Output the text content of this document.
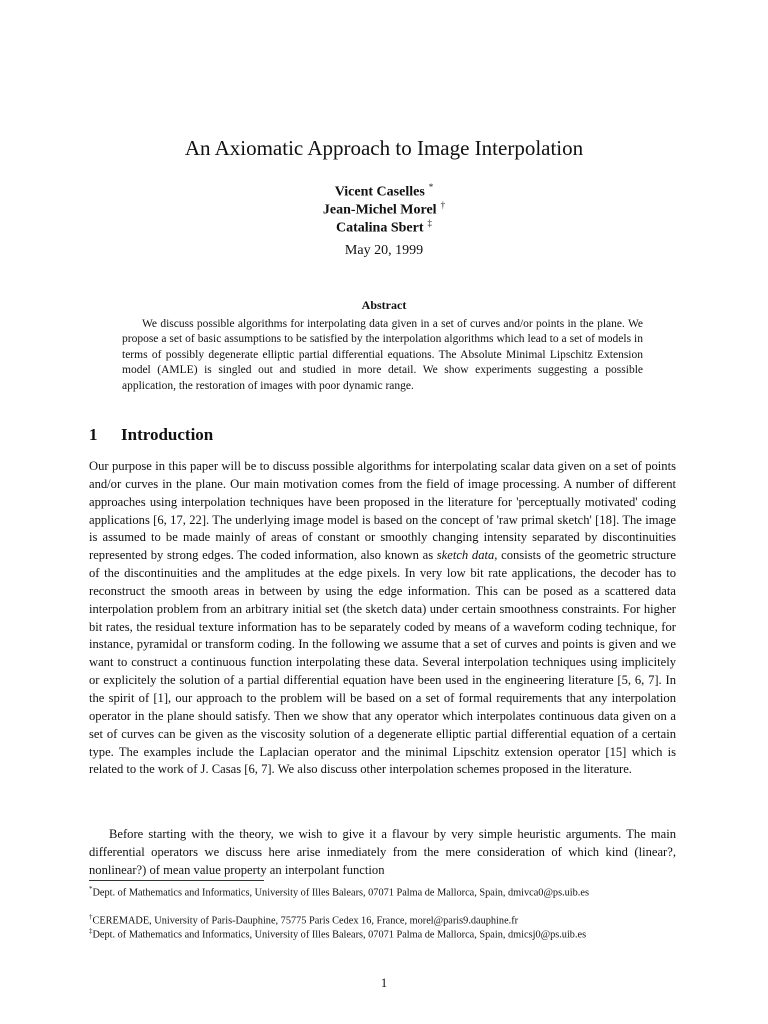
An Axiomatic Approach to Image Interpolation
Vicent Caselles *
Jean-Michel Morel †
Catalina Sbert ‡
May 20, 1999
Abstract
We discuss possible algorithms for interpolating data given in a set of curves and/or points in the plane. We propose a set of basic assumptions to be satisfied by the interpolation algorithms which lead to a set of models in terms of possibly degenerate elliptic partial differential equations. The Absolute Minimal Lipschitz Extension model (AMLE) is singled out and studied in more detail. We show experiments suggesting a possible application, the restoration of images with poor dynamic range.
1 Introduction
Our purpose in this paper will be to discuss possible algorithms for interpolating scalar data given on a set of points and/or curves in the plane. Our main motivation comes from the field of image processing. A number of different approaches using interpolation techniques have been proposed in the literature for 'perceptually motivated' coding applications [6, 17, 22]. The underlying image model is based on the concept of 'raw primal sketch' [18]. The image is assumed to be made mainly of areas of constant or smoothly changing intensity separated by discontinuities represented by strong edges. The coded information, also known as sketch data, consists of the geometric structure of the discontinuities and the amplitudes at the edge pixels. In very low bit rate applications, the decoder has to reconstruct the smooth areas in between by using the edge information. This can be posed as a scattered data interpolation problem from an arbitrary initial set (the sketch data) under certain smoothness constraints. For higher bit rates, the residual texture information has to be separately coded by means of a waveform coding technique, for instance, pyramidal or transform coding. In the following we assume that a set of curves and points is given and we want to construct a continuous function interpolating these data. Several interpolation techniques using implicitely or explicitely the solution of a partial differential equation have been used in the engineering literature [5, 6, 7]. In the spirit of [1], our approach to the problem will be based on a set of formal requirements that any interpolation operator in the plane should satisfy. Then we show that any operator which interpolates continuous data given on a set of curves can be given as the viscosity solution of a degenerate elliptic partial differential equation of a certain type. The examples include the Laplacian operator and the minimal Lipschitz extension operator [15] which is related to the work of J. Casas [6, 7]. We also discuss other interpolation schemes proposed in the literature.
Before starting with the theory, we wish to give it a flavour by very simple heuristic arguments. The main differential operators we discuss here arise inmediately from the mere consideration of which kind (linear?, nonlinear?) of mean value property an interpolant function
*Dept. of Mathematics and Informatics, University of Illes Balears, 07071 Palma de Mallorca, Spain, dmivca0@ps.uib.es
†CEREMADE, University of Paris-Dauphine, 75775 Paris Cedex 16, France, morel@paris9.dauphine.fr
‡Dept. of Mathematics and Informatics, University of Illes Balears, 07071 Palma de Mallorca, Spain, dmicsj0@ps.uib.es
1
